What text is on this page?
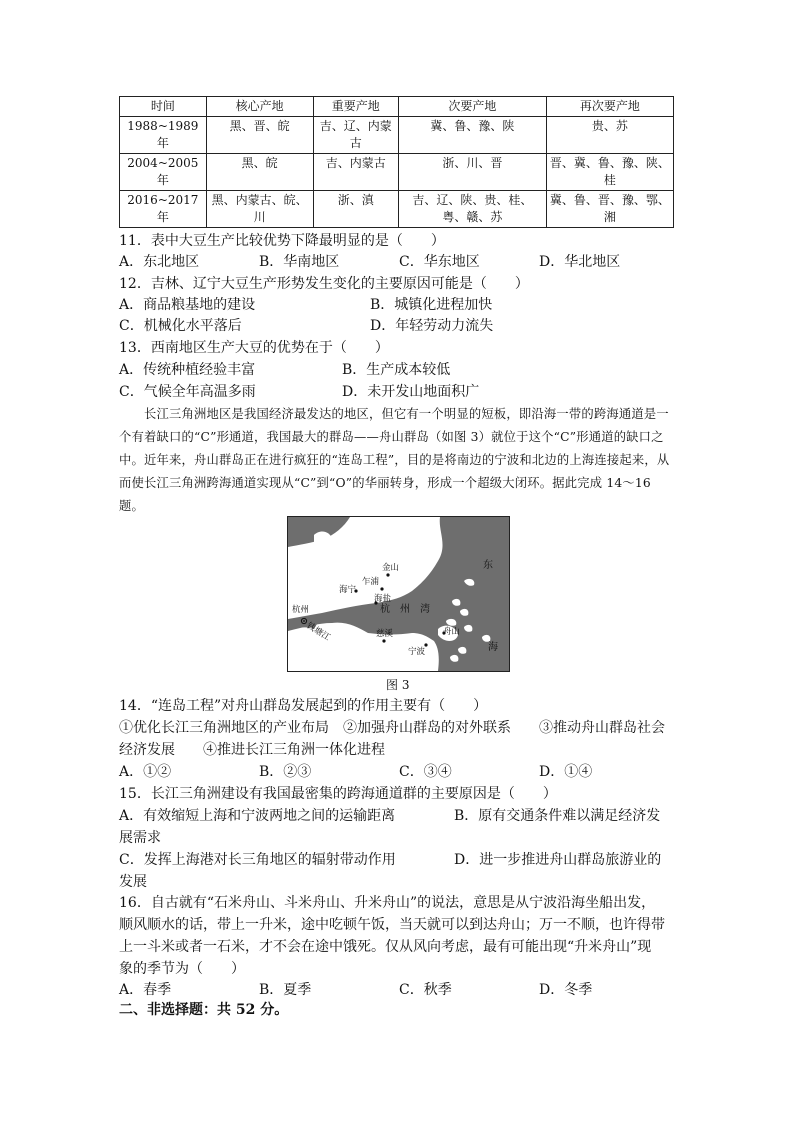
时间	核心产地	重要产地	次要产地	再次要产地
1988~1989 年	黑、晋、皖	吉、辽、内蒙古	冀、鲁、豫、陕	贵、苏
2004~2005 年	黑、皖	吉、内蒙古	浙、川、晋	晋、冀、鲁、豫、陕、桂
2016~2017 年	黑、内蒙古、皖、川	浙、滇	吉、辽、陕、贵、桂、粤、赣、苏	冀、鲁、晋、豫、鄂、湘
11．表中大豆生产比较优势下降最明显的是（　　）
A．东北地区	B．华南地区	C．华东地区	D．华北地区
12．吉林、辽宁大豆生产形势发生变化的主要原因可能是（　　）
A．商品粮基地的建设	B．城镇化进程加快
C．机械化水平落后	D．年轻劳动力流失
13．西南地区生产大豆的优势在于（　　）
A．传统种植经验丰富	B．生产成本较低
C．气候全年高温多雨	D．未开发山地面积广
长江三角洲地区是我国经济最发达的地区，但它有一个明显的短板，即沿海一带的跨海通道是一个有着缺口的“C”形通道，我国最大的群岛——舟山群岛（如图 3）就位于这个“C”形通道的缺口之中。近年来，舟山群岛正在进行疯狂的“连岛工程”，目的是将南边的宁波和北边的上海连接起来，从而使长江三角洲跨海通道实现从“C”到“O”的华丽转身，形成一个超级大闭环。据此完成 14～16 题。
金山
乍浦
海宁
海盐
杭州
钱塘江
杭　州　湾
慈溪
宁波
舟山
东
海
图 3
14．“连岛工程”对舟山群岛发展起到的作用主要有（　　）
①优化长江三角洲地区的产业布局　②加强舟山群岛的对外联系　　③推动舟山群岛社会
经济发展　　④推进长江三角洲一体化进程
A．①②	B．②③	C．③④	D．①④
15．长江三角洲建设有我国最密集的跨海通道群的主要原因是（　　）
A．有效缩短上海和宁波两地之间的运输距离	B．原有交通条件难以满足经济发
展需求
C．发挥上海港对长三角地区的辐射带动作用	D．进一步推进舟山群岛旅游业的
发展
16．自古就有“石米舟山、斗米舟山、升米舟山”的说法，意思是从宁波沿海坐船出发，
顺风顺水的话，带上一升米，途中吃顿午饭，当天就可以到达舟山；万一不顺，也许得带
上一斗米或者一石米，才不会在途中饿死。仅从风向考虑，最有可能出现“升米舟山”现
象的季节为（　　）
A．春季	B．夏季	C．秋季	D．冬季
二、非选择题：共 52 分。
